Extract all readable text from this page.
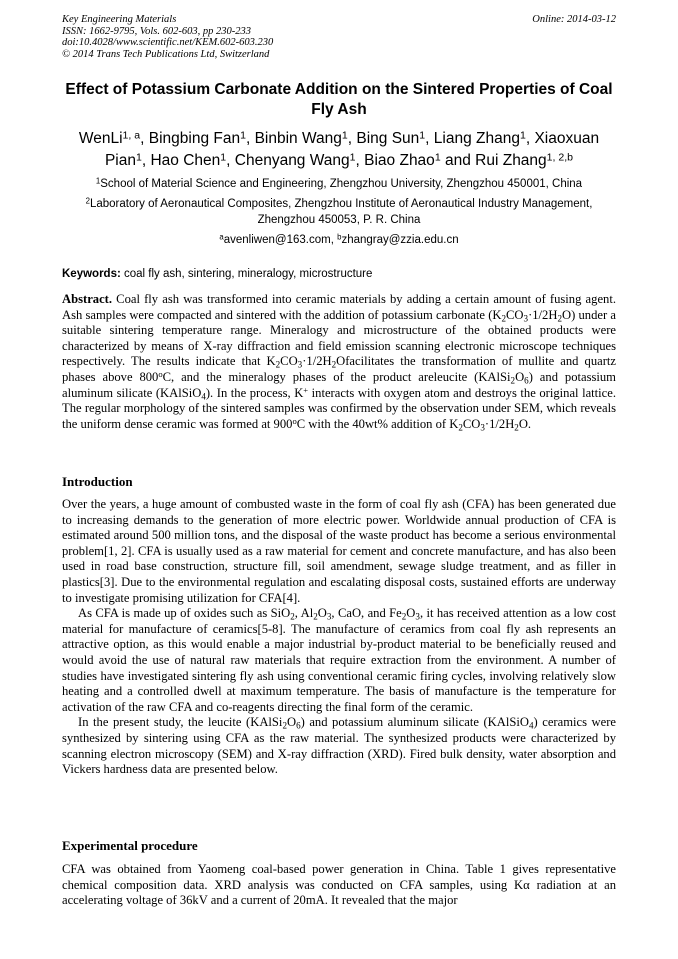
Key Engineering Materials
ISSN: 1662-9795, Vols. 602-603, pp 230-233
doi:10.4028/www.scientific.net/KEM.602-603.230
© 2014 Trans Tech Publications Ltd, Switzerland
Online: 2014-03-12
Effect of Potassium Carbonate Addition on the Sintered Properties of Coal Fly Ash
WenLi$^{1, a}$, Bingbing Fan$^1$, Binbin Wang$^1$, Bing Sun$^1$, Liang Zhang$^1$, Xiaoxuan Pian$^1$, Hao Chen$^1$, Chenyang Wang$^1$, Biao Zhao$^1$ and Rui Zhang$^{1, 2,b}$
$^1$School of Material Science and Engineering, Zhengzhou University, Zhengzhou 450001, China
$^2$Laboratory of Aeronautical Composites, Zhengzhou Institute of Aeronautical Industry Management, Zhengzhou 450053, P. R. China
$^a$avenliwen@163.com, $^b$zhangray@zzia.edu.cn
Keywords: coal fly ash, sintering, mineralogy, microstructure
Abstract. Coal fly ash was transformed into ceramic materials by adding a certain amount of fusing agent. Ash samples were compacted and sintered with the addition of potassium carbonate $(K_2CO_3\cdot 1/2H_2O)$ under a suitable sintering temperature range. Mineralogy and microstructure of the obtained products were characterized by means of X-ray diffraction and field emission scanning electronic microscope techniques respectively. The results indicate that $K_2CO_3\cdot 1/2H_2Ofacilitates$ the transformation of mullite and quartz phases above 800$^o$C, and the mineralogy phases of the product areleucite $(KAlSi_2O_6)$ and potassium aluminum silicate (KAlSiO$_4$). In the process, K+ interacts with oxygen atom and destroys the original lattice. The regular morphology of the sintered samples was confirmed by the observation under SEM, which reveals the uniform dense ceramic was formed at 900$^o$C with the 40wt% addition of $K_2CO_3\cdot 1/2H_2O$.
Introduction

Over the years, a huge amount of combusted waste in the form of coal fly ash (CFA) has been generated due to increasing demands to the generation of more electric power. Worldwide annual production of CFA is estimated around 500 million tons, and the disposal of the waste product has become a serious environmental problem[1, 2]. CFA is usually used as a raw material for cement and concrete manufacture, and has also been used in road base construction, structure fill, soil amendment, sewage sludge treatment, and as filler in plastics[3]. Due to the environmental regulation and escalating disposal costs, sustained efforts are underway to investigate promising utilization for CFA[4].

As CFA is made up of oxides such as SiO$_2$, $Al_2O_3$, CaO, and $Fe_2O_3$, it has received attention as a low cost material for manufacture of ceramics[5-8]. The manufacture of ceramics from coal fly ash represents an attractive option, as this would enable a major industrial by-product material to be beneficially reused and would avoid the use of natural raw materials that require extraction from the environment. A number of studies have investigated sintering fly ash using conventional ceramic firing cycles, involving relatively slow heating and a controlled dwell at maximum temperature. The basis of manufacture is the temperature for activation of the raw CFA and co-reagents directing the final form of the ceramic.

In the present study, the leucite $(KAlSi_2O_6)$ and potassium aluminum silicate (KAlSiO$_4$) ceramics were synthesized by sintering using CFA as the raw material. The synthesized products were characterized by scanning electron microscopy (SEM) and X-ray diffraction (XRD). Fired bulk density, water absorption and Vickers hardness data are presented below.

Experimental procedure

CFA was obtained from Yaomeng coal-based power generation in China. Table 1 gives representative chemical composition data. XRD analysis was conducted on CFA samples, using Kα radiation at an accelerating voltage of 36kV and a current of 20mA. It revealed that the major
